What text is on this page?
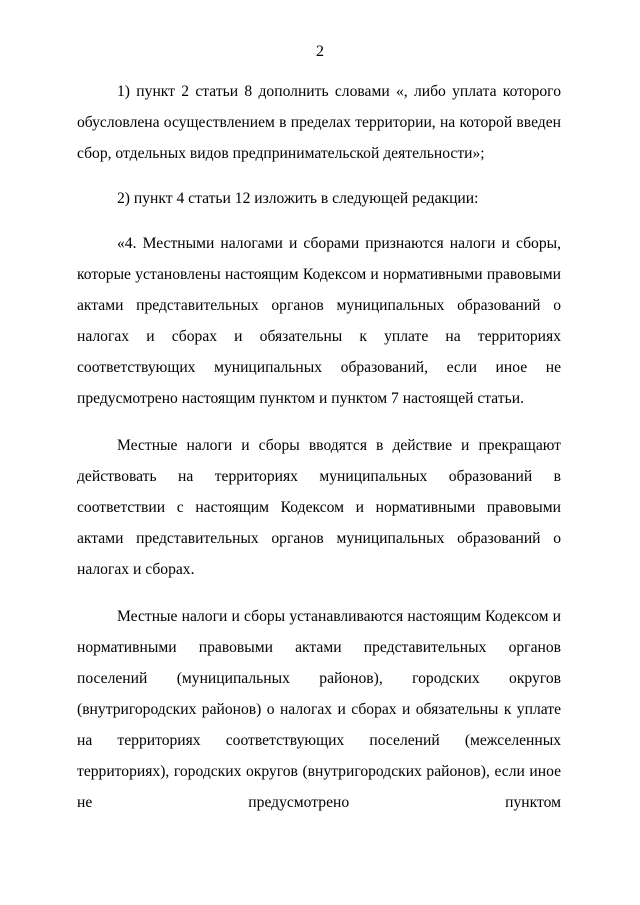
2

1) пункт 2 статьи 8 дополнить словами «, либо уплата которого обусловлена осуществлением в пределах территории, на которой введен сбор, отдельных видов предпринимательской деятельности»;

2) пункт 4 статьи 12 изложить в следующей редакции:

«4. Местными налогами и сборами признаются налоги и сборы, которые установлены настоящим Кодексом и нормативными правовыми актами представительных органов муниципальных образований о налогах и сборах и обязательны к уплате на территориях соответствующих муниципальных образований, если иное не предусмотрено настоящим пунктом и пунктом 7 настоящей статьи.

Местные налоги и сборы вводятся в действие и прекращают действовать на территориях муниципальных образований в соответствии с настоящим Кодексом и нормативными правовыми актами представительных органов муниципальных образований о налогах и сборах.

Местные налоги и сборы устанавливаются настоящим Кодексом и нормативными правовыми актами представительных органов поселений (муниципальных районов), городских округов (внутригородских районов) о налогах и сборах и обязательны к уплате на территориях соответствующих поселений (межселенных территориях), городских округов (внутригородских районов), если иное не предусмотрено пунктом
